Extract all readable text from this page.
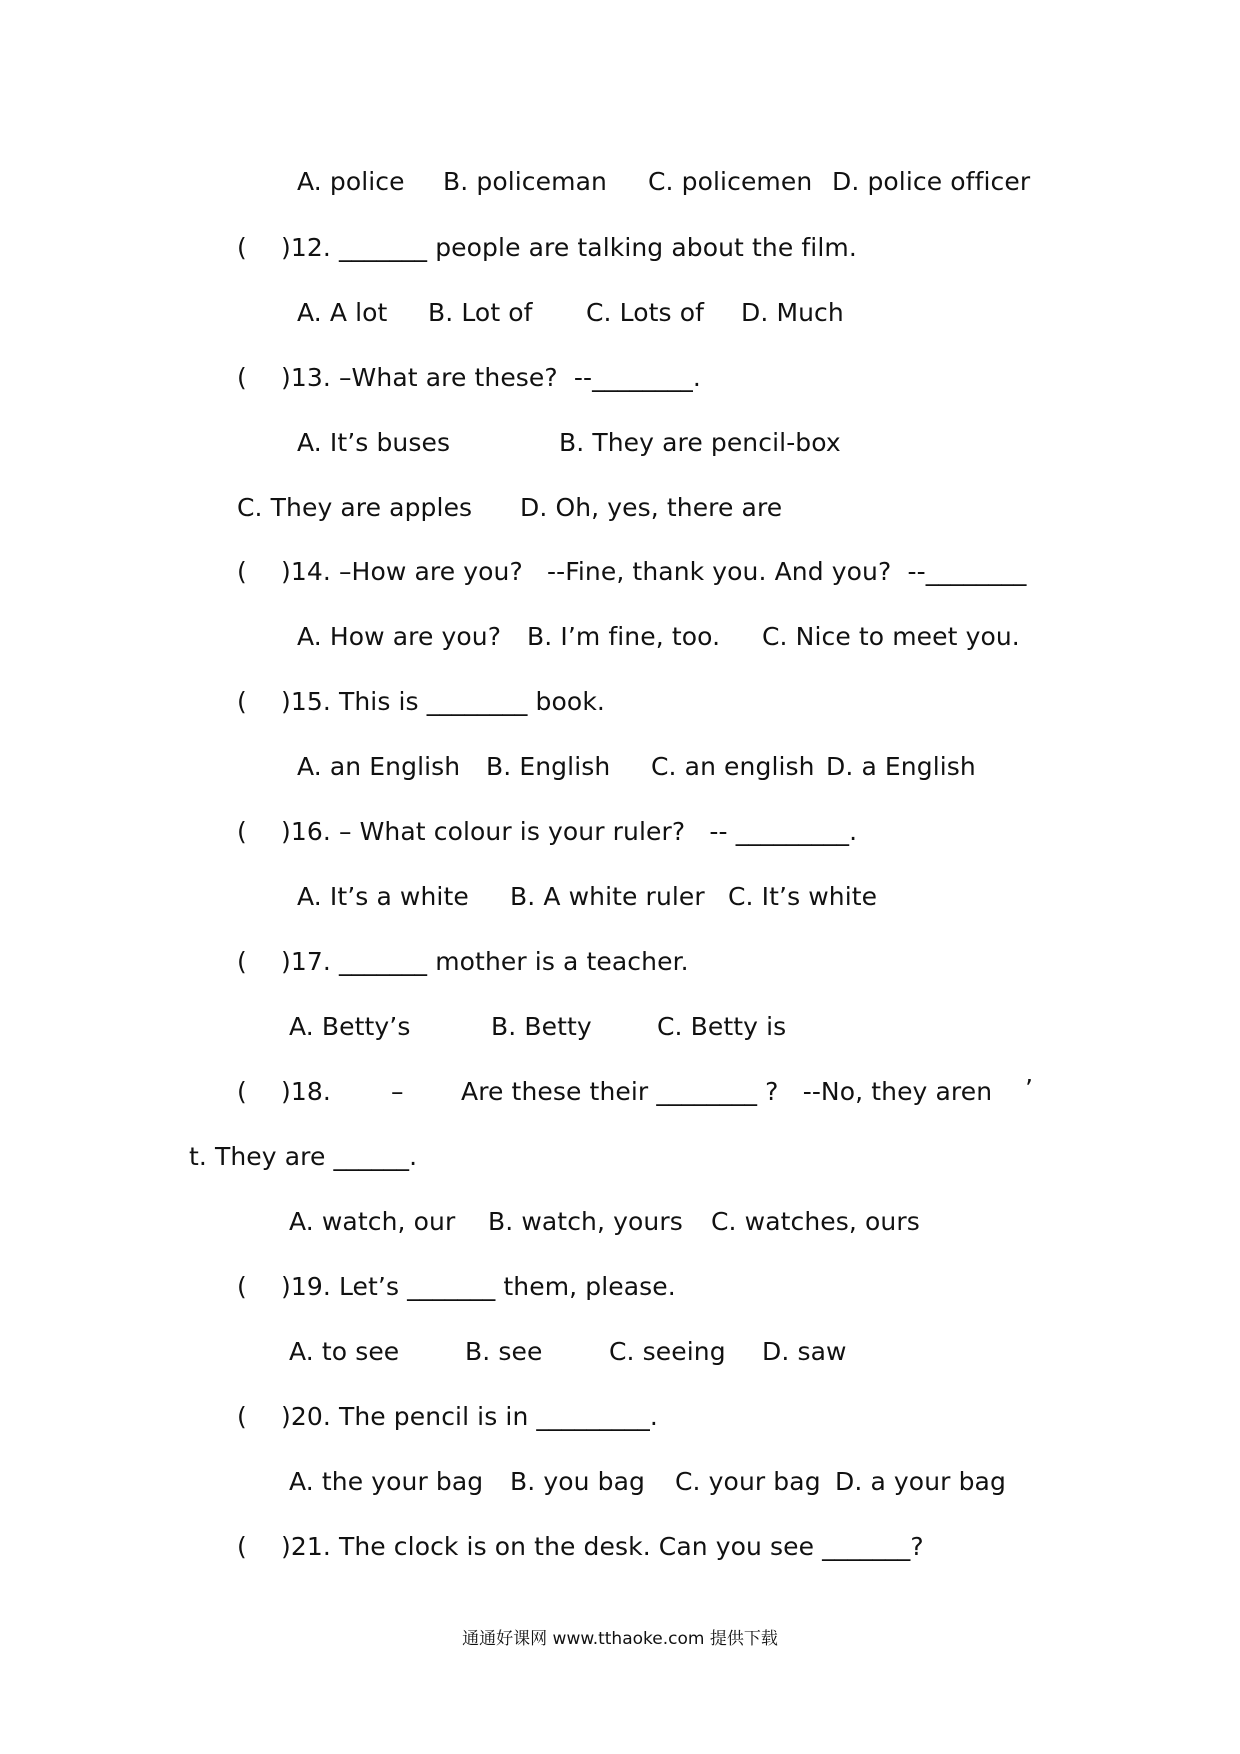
A. police B. policeman C. policemen D. police officer
( )12. _______ people are talking about the film.
A. A lot B. Lot of C. Lots of D. Much
( )13. –What are these?  --________.
A. It’s buses	B. They are pencil-box
C. They are apples D. Oh, yes, there are
( )14. –How are you?   --Fine, thank you. And you?  --________
A. How are you? B. I’m fine, too. C. Nice to meet you.
( )15. This is ________ book.
A. an English B. English C. an english D. a English
( )16. – What colour is your ruler?   -- _________.
A. It’s a white B. A white ruler C. It’s white
( )17. _______ mother is a teacher.
A. Betty’s	B. Betty	C. Betty is
( )18. – Are these their ________ ?   --No, they aren ’
t. They are ______.
A. watch, our B. watch, yours C. watches, ours
( )19. Let’s _______ them, please.
A. to see	B. see	C. seeing D. saw
( )20. The pencil is in _________.
A. the your bag B. you bag C. your bag D. a your bag
( )21. The clock is on the desk. Can you see _______?
通通好课网 www.tthaoke.com 提供下载
